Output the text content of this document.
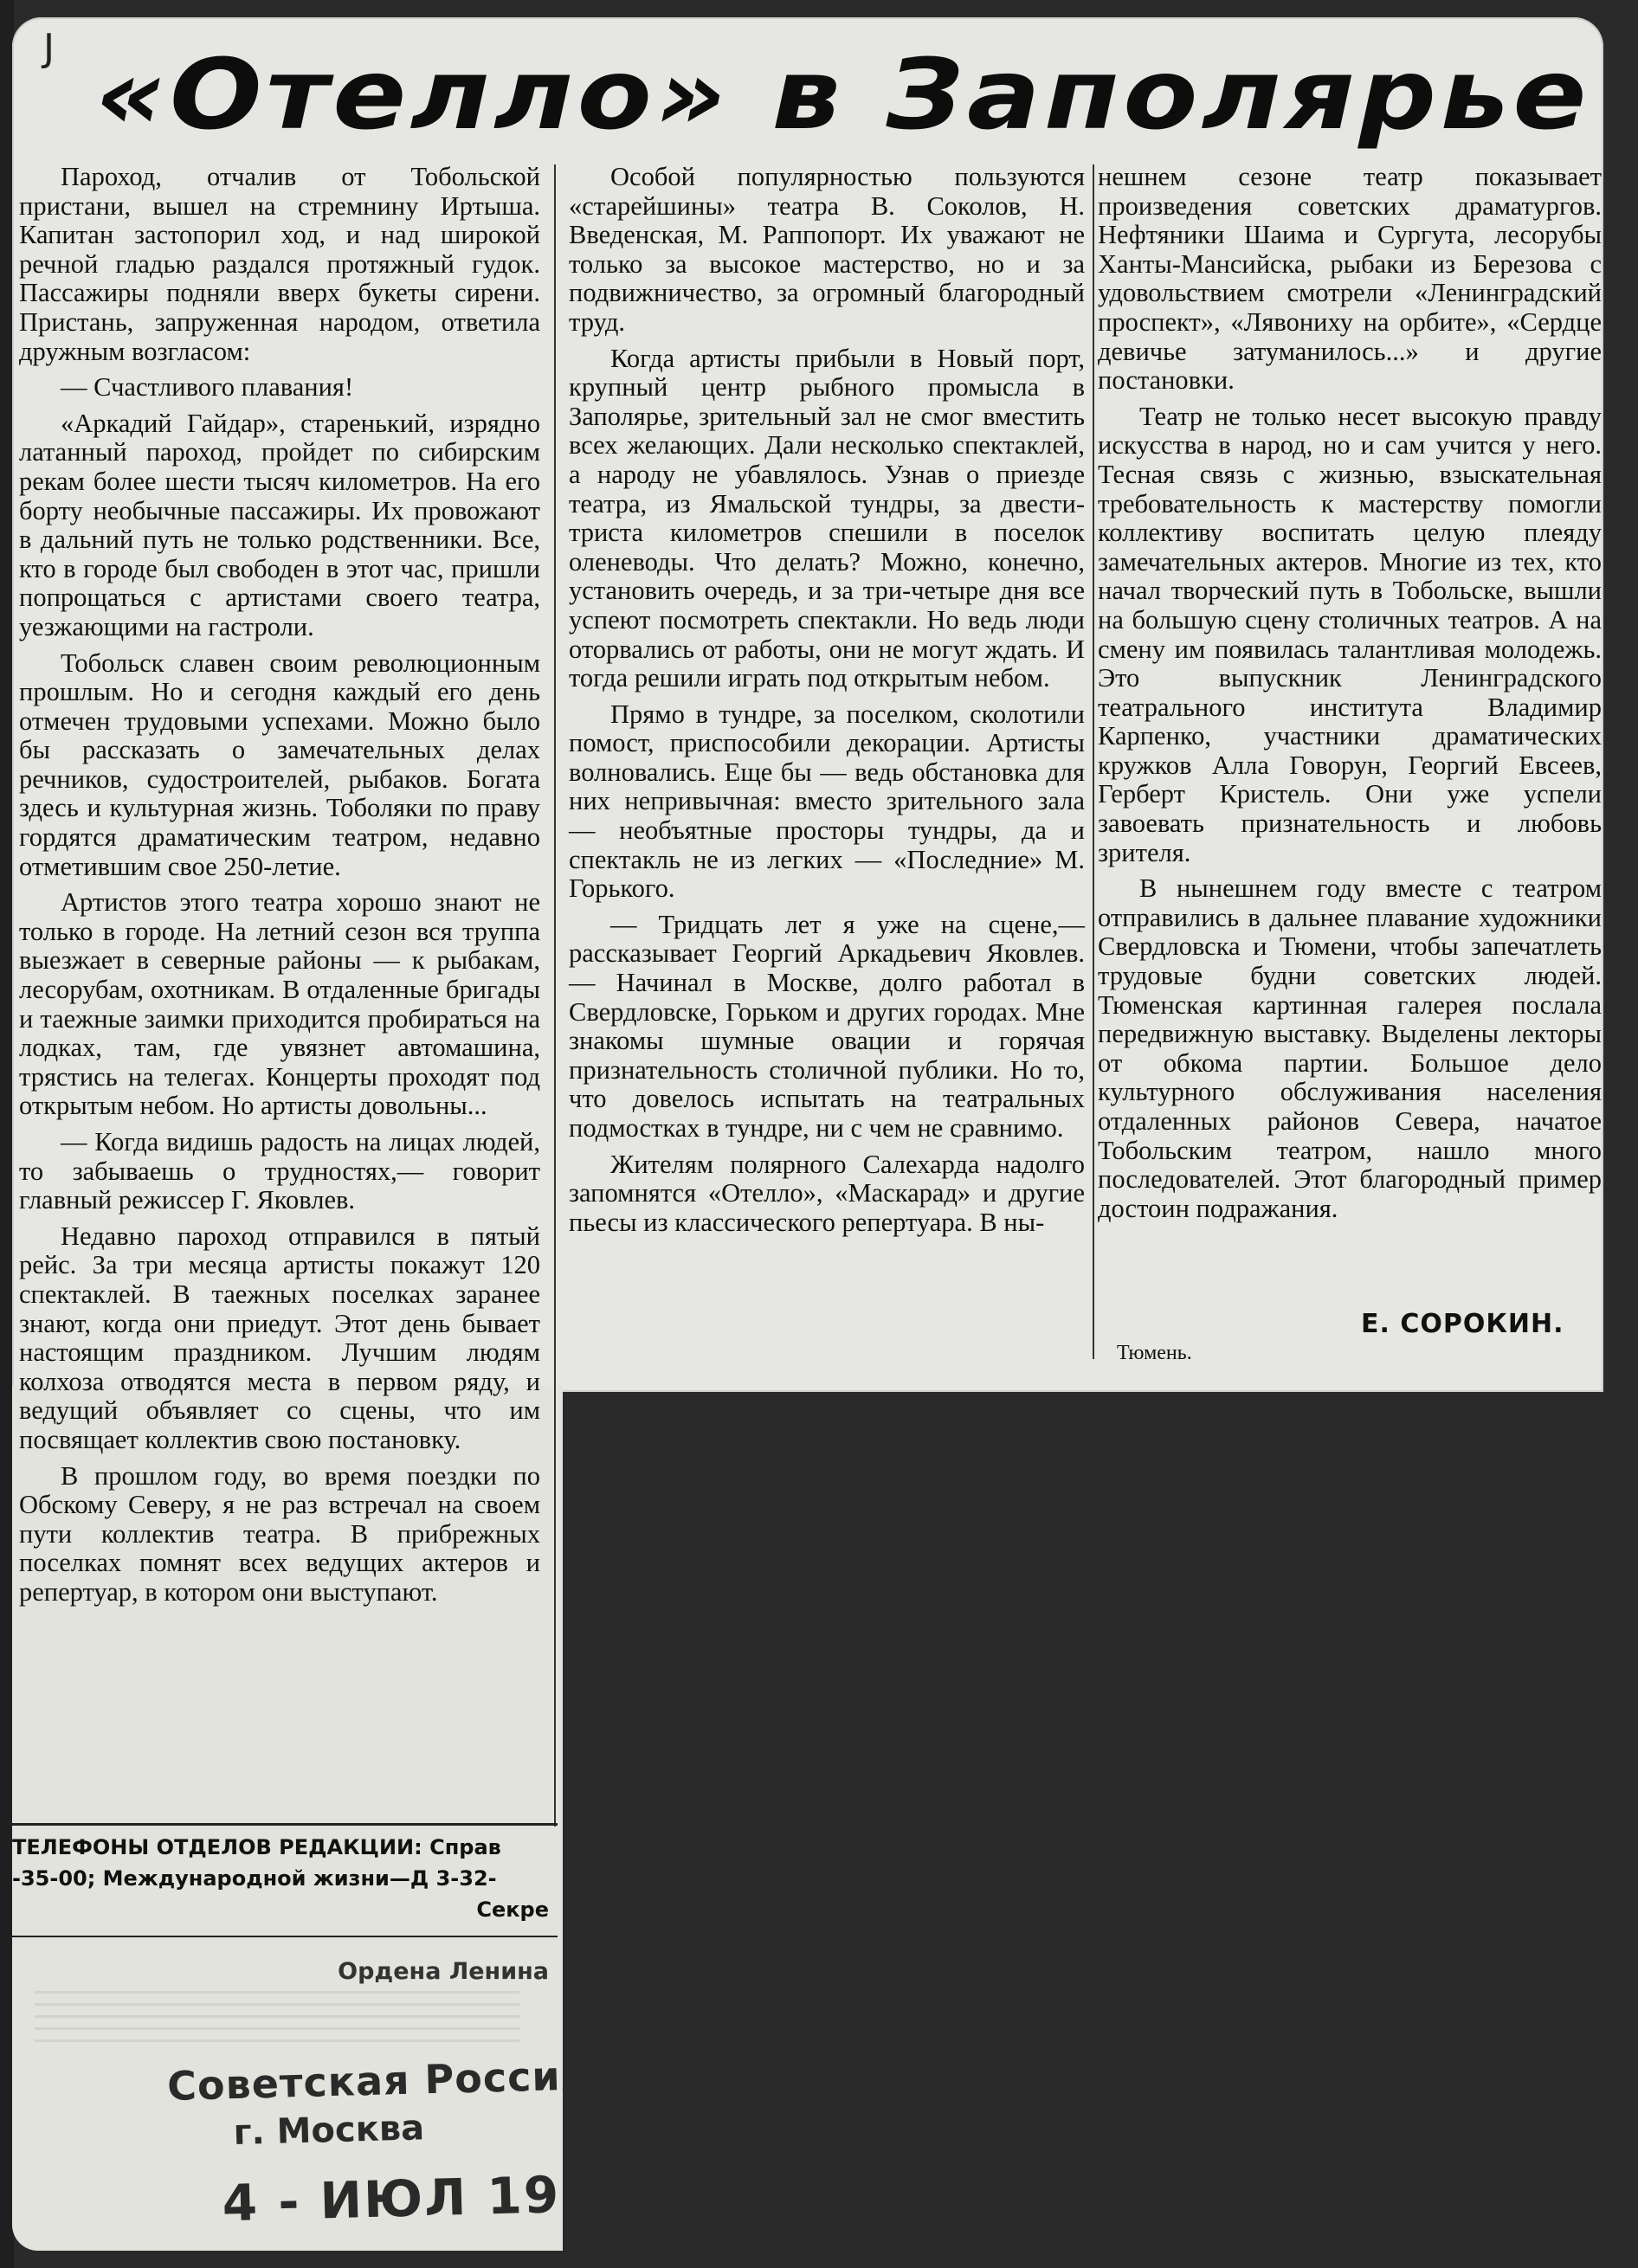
J «Отелло» в Заполярье

Пароход, отчалив от Тобольской пристани, вышел на стремнину Иртыша. Капитан застопорил ход, и над широкой речной гладью раздался протяжный гудок. Пассажиры подняли вверх букеты сирени. Пристань, запруженная народом, ответила дружным возгласом:

— Счастливого плавания!

«Аркадий Гайдар», старенький, изрядно латанный пароход, пройдет по сибирским рекам более шести тысяч километров. На его борту необычные пассажиры. Их провожают в дальний путь не только родственники. Все, кто в городе был свободен в этот час, пришли попрощаться с артистами своего театра, уезжающими на гастроли.

Тобольск славен своим революционным прошлым. Но и сегодня каждый его день отмечен трудовыми успехами. Можно было бы рассказать о замечательных делах речников, судостроителей, рыбаков. Богата здесь и культурная жизнь. Тоболяки по праву гордятся драматическим театром, недавно отметившим свое 250-летие.

Артистов этого театра хорошо знают не только в городе. На летний сезон вся труппа выезжает в северные районы — к рыбакам, лесорубам, охотникам. В отдаленные бригады и таежные заимки приходится пробираться на лодках, там, где увязнет автомашина, трястись на телегах. Концерты проходят под открытым небом. Но артисты довольны...

— Когда видишь радость на лицах людей, то забываешь о трудностях,— говорит главный режиссер Г. Яковлев.

Недавно пароход отправился в пятый рейс. За три месяца артисты покажут 120 спектаклей. В таежных поселках заранее знают, когда они приедут. Этот день бывает настоящим праздником. Лучшим людям колхоза отводятся места в первом ряду, и ведущий объявляет со сцены, что им посвящает коллектив свою постановку.

В прошлом году, во время поездки по Обскому Северу, я не раз встречал на своем пути коллектив театра. В прибрежных поселках помнят всех ведущих актеров и репертуар, в котором они выступают.

Особой популярностью пользуются «старейшины» театра В. Соколов, Н. Введенская, М. Раппопорт. Их уважают не только за высокое мастерство, но и за подвижничество, за огромный благородный труд.

Когда артисты прибыли в Новый порт, крупный центр рыбного промысла в Заполярье, зрительный зал не смог вместить всех желающих. Дали несколько спектаклей, а народу не убавлялось. Узнав о приезде театра, из Ямальской тундры, за двести-триста километров спешили в поселок оленеводы. Что делать? Можно, конечно, установить очередь, и за три-четыре дня все успеют посмотреть спектакли. Но ведь люди оторвались от работы, они не могут ждать. И тогда решили играть под открытым небом.

Прямо в тундре, за поселком, сколотили помост, приспособили декорации. Артисты волновались. Еще бы — ведь обстановка для них непривычная: вместо зрительного зала — необъятные просторы тундры, да и спектакль не из легких — «Последние» М. Горького.

— Тридцать лет я уже на сцене,— рассказывает Георгий Аркадьевич Яковлев.— Начинал в Москве, долго работал в Свердловске, Горьком и других городах. Мне знакомы шумные овации и горячая признательность столичной публики. Но то, что довелось испытать на театральных подмостках в тундре, ни с чем не сравнимо.

Жителям полярного Салехарда надолго запомнятся «Отелло», «Маскарад» и другие пьесы из классического репертуара. В ны-

нешнем сезоне театр показывает произведения советских драматургов. Нефтяники Шаима и Сургута, лесорубы Ханты-Мансийска, рыбаки из Березова с удовольствием смотрели «Ленинградский проспект», «Лявониху на орбите», «Сердце девичье затуманилось...» и другие постановки.

Театр не только несет высокую правду искусства в народ, но и сам учится у него. Тесная связь с жизнью, взыскательная требовательность к мастерству помогли коллективу воспитать целую плеяду замечательных актеров. Многие из тех, кто начал творческий путь в Тобольске, вышли на большую сцену столичных театров. А на смену им появилась талантливая молодежь. Это выпускник Ленинградского театрального института Владимир Карпенко, участники драматических кружков Алла Говорун, Георгий Евсеев, Герберт Кристель. Они уже успели завоевать признательность и любовь зрителя.

В нынешнем году вместе с театром отправились в дальнее плавание художники Свердловска и Тюмени, чтобы запечатлеть трудовые будни советских людей. Тюменская картинная галерея послала передвижную выставку. Выделены лекторы от обкома партии. Большое дело культурного обслуживания населения отдаленных районов Севера, начатое Тобольским театром, нашло много последователей. Этот благородный пример достоин подражания.

Е. СОРОКИН.
Тюмень.
ТЕЛЕФОНЫ ОТДЕЛОВ РЕДАКЦИИ: Справ
-35-00; Международной жизни—Д 3-32-
Секре
Ордена Ленина
Советская Россия
г. Москва
4 - ИЮЛ 1962
